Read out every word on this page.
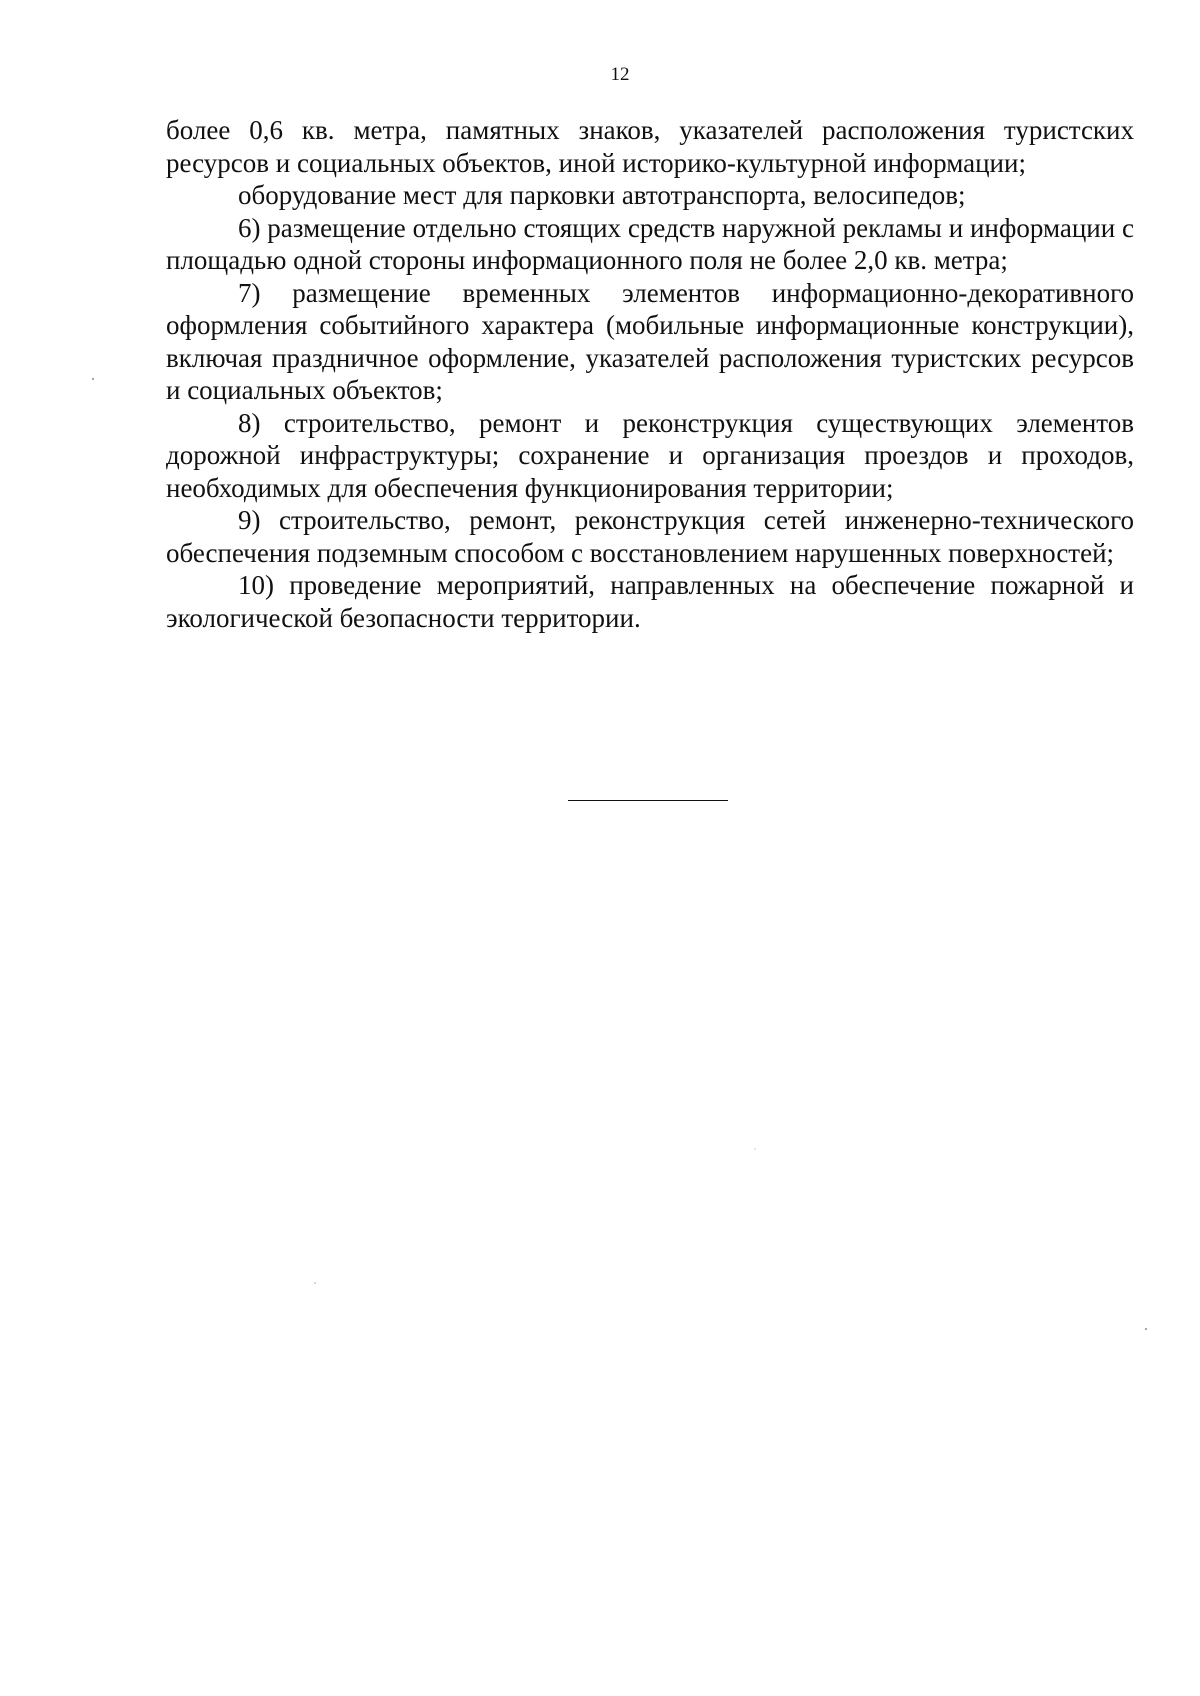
12

более 0,6 кв. метра, памятных знаков, указателей расположения туристских ресурсов и социальных объектов, иной историко-культурной информации;

оборудование мест для парковки автотранспорта, велосипедов;

6) размещение отдельно стоящих средств наружной рекламы и информации с площадью одной стороны информационного поля не более 2,0 кв. метра;

7) размещение временных элементов информационно-декоративного оформления событийного характера (мобильные информационные конструкции), включая праздничное оформление, указателей расположения туристских ресурсов и социальных объектов;

8) строительство, ремонт и реконструкция существующих элементов дорожной инфраструктуры; сохранение и организация проездов и проходов, необходимых для обеспечения функционирования территории;

9) строительство, ремонт, реконструкция сетей инженерно-технического обеспечения подземным способом с восстановлением нарушенных поверхностей;

10) проведение мероприятий, направленных на обеспечение пожарной и экологической безопасности территории.
